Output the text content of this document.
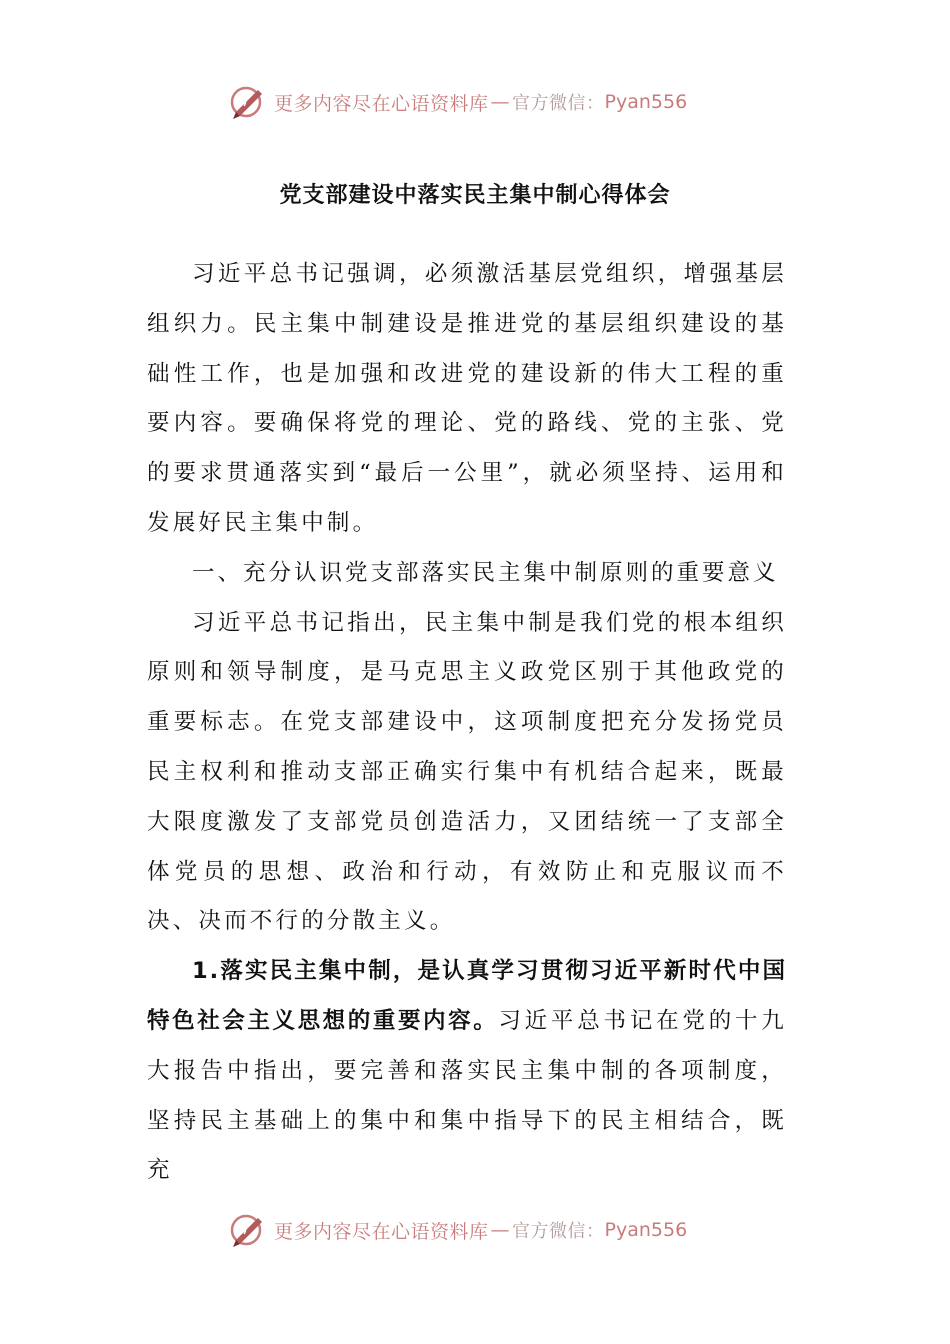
更多内容尽在心语资料库 — 官方微信： Pyan556
党支部建设中落实民主集中制心得体会

习近平总书记强调，必须激活基层党组织，增强基层组织力。民主集中制建设是推进党的基层组织建设的基础性工作，也是加强和改进党的建设新的伟大工程的重要内容。要确保将党的理论、党的路线、党的主张、党的要求贯通落实到“最后一公里”，就必须坚持、运用和发展好民主集中制。

一、充分认识党支部落实民主集中制原则的重要意义

习近平总书记指出，民主集中制是我们党的根本组织原则和领导制度，是马克思主义政党区别于其他政党的重要标志。在党支部建设中，这项制度把充分发扬党员民主权利和推动支部正确实行集中有机结合起来，既最大限度激发了支部党员创造活力，又团结统一了支部全体党员的思想、政治和行动，有效防止和克服议而不决、决而不行的分散主义。

1.落实民主集中制，是认真学习贯彻习近平新时代中国特色社会主义思想的重要内容。习近平总书记在党的十九大报告中指出，要完善和落实民主集中制的各项制度，坚持民主基础上的集中和集中指导下的民主相结合，既充

更多内容尽在心语资料库 — 官方微信： Pyan556
